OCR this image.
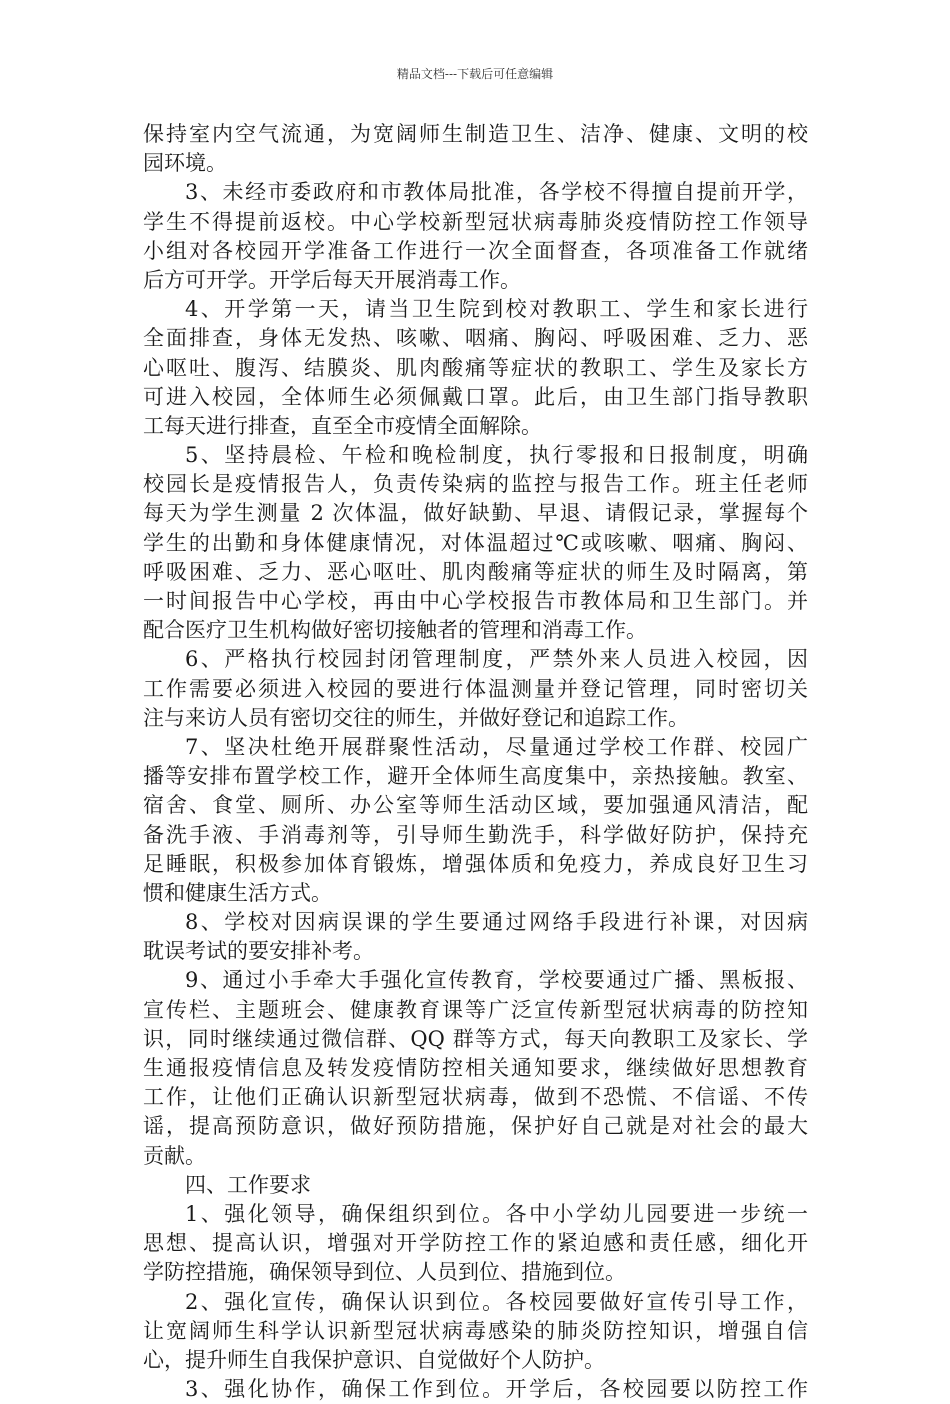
精品文档---下载后可任意编辑
保持室内空气流通，为宽阔师生制造卫生、洁净、健康、文明的校
园环境。
3、未经市委政府和市教体局批准，各学校不得擅自提前开学，
学生不得提前返校。中心学校新型冠状病毒肺炎疫情防控工作领导
小组对各校园开学准备工作进行一次全面督查，各项准备工作就绪
后方可开学。开学后每天开展消毒工作。
4、开学第一天，请当卫生院到校对教职工、学生和家长进行
全面排查，身体无发热、咳嗽、咽痛、胸闷、呼吸困难、乏力、恶
心呕吐、腹泻、结膜炎、肌肉酸痛等症状的教职工、学生及家长方
可进入校园，全体师生必须佩戴口罩。此后，由卫生部门指导教职
工每天进行排查，直至全市疫情全面解除。
5、坚持晨检、午检和晚检制度，执行零报和日报制度，明确
校园长是疫情报告人，负责传染病的监控与报告工作。班主任老师
每天为学生测量 2 次体温，做好缺勤、早退、请假记录，掌握每个
学生的出勤和身体健康情况，对体温超过℃或咳嗽、咽痛、胸闷、
呼吸困难、乏力、恶心呕吐、肌肉酸痛等症状的师生及时隔离，第
一时间报告中心学校，再由中心学校报告市教体局和卫生部门。并
配合医疗卫生机构做好密切接触者的管理和消毒工作。
6、严格执行校园封闭管理制度，严禁外来人员进入校园，因
工作需要必须进入校园的要进行体温测量并登记管理，同时密切关
注与来访人员有密切交往的师生，并做好登记和追踪工作。
7、坚决杜绝开展群聚性活动，尽量通过学校工作群、校园广
播等安排布置学校工作，避开全体师生高度集中，亲热接触。教室、
宿舍、食堂、厕所、办公室等师生活动区域，要加强通风清洁，配
备洗手液、手消毒剂等，引导师生勤洗手，科学做好防护，保持充
足睡眠，积极参加体育锻炼，增强体质和免疫力，养成良好卫生习
惯和健康生活方式。
8、学校对因病误课的学生要通过网络手段进行补课，对因病
耽误考试的要安排补考。
9、通过小手牵大手强化宣传教育，学校要通过广播、黑板报、
宣传栏、主题班会、健康教育课等广泛宣传新型冠状病毒的防控知
识，同时继续通过微信群、QQ 群等方式，每天向教职工及家长、学
生通报疫情信息及转发疫情防控相关通知要求，继续做好思想教育
工作，让他们正确认识新型冠状病毒，做到不恐慌、不信谣、不传
谣，提高预防意识，做好预防措施，保护好自己就是对社会的最大
贡献。
四、工作要求
1、强化领导，确保组织到位。各中小学幼儿园要进一步统一
思想、提高认识，增强对开学防控工作的紧迫感和责任感，细化开
学防控措施，确保领导到位、人员到位、措施到位。
2、强化宣传，确保认识到位。各校园要做好宣传引导工作，
让宽阔师生科学认识新型冠状病毒感染的肺炎防控知识，增强自信
心，提升师生自我保护意识、自觉做好个人防护。
3、强化协作，确保工作到位。开学后，各校园要以防控工作
